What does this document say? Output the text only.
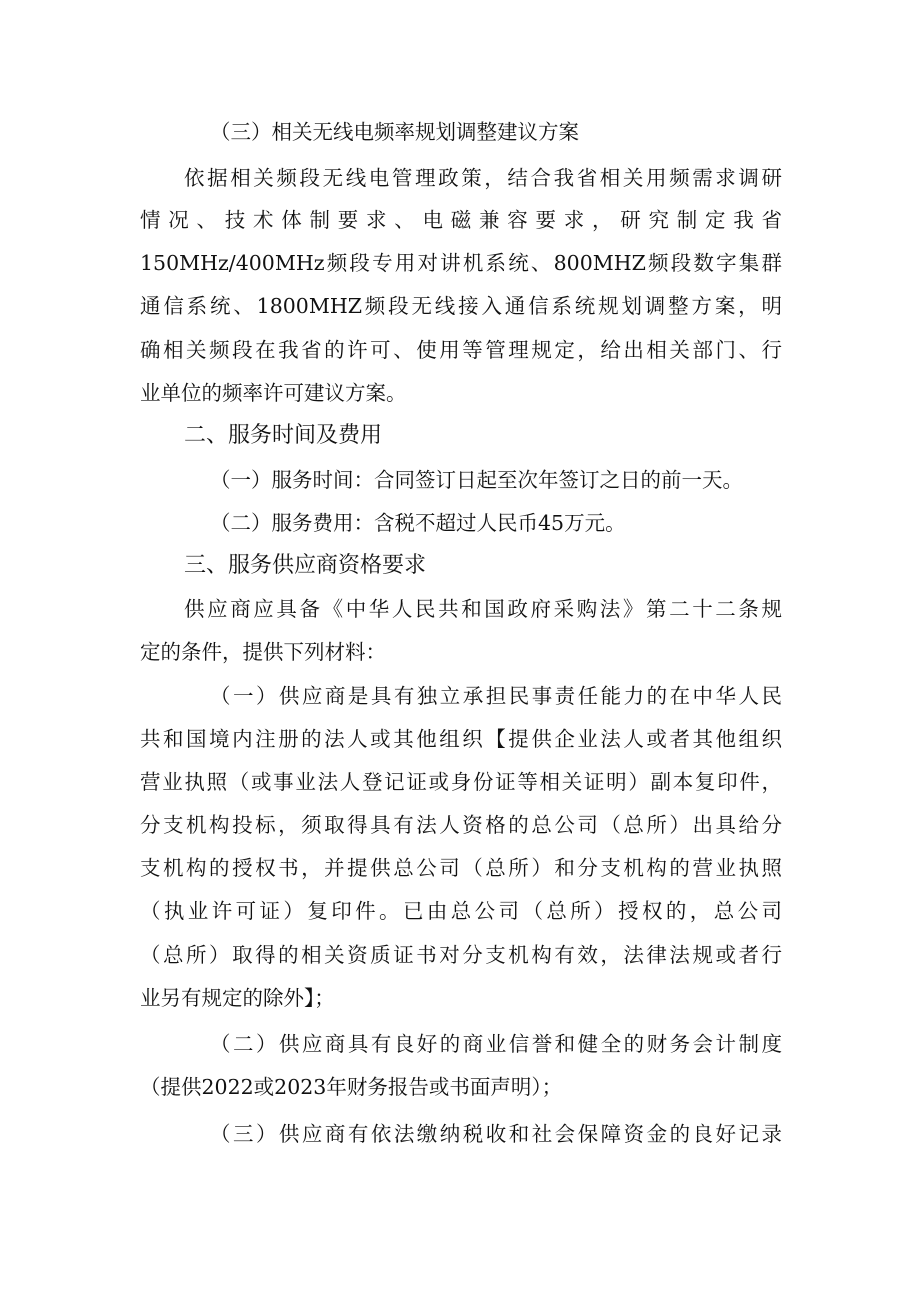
（三）相关无线电频率规划调整建议方案
依据相关频段无线电管理政策，结合我省相关用频需求调研
情况、技术体制要求、电磁兼容要求，研究制定我省
150MHz/400MHz频段专用对讲机系统、800MHZ频段数字集群
通信系统、1800MHZ频段无线接入通信系统规划调整方案，明
确相关频段在我省的许可、使用等管理规定，给出相关部门、行
业单位的频率许可建议方案。
二、服务时间及费用
（一）服务时间：合同签订日起至次年签订之日的前一天。
（二）服务费用：含税不超过人民币45万元。
三、服务供应商资格要求
供应商应具备《中华人民共和国政府采购法》第二十二条规
定的条件，提供下列材料：
（一）供应商是具有独立承担民事责任能力的在中华人民
共和国境内注册的法人或其他组织【提供企业法人或者其他组织
营业执照（或事业法人登记证或身份证等相关证明）副本复印件，
分支机构投标，须取得具有法人资格的总公司（总所）出具给分
支机构的授权书，并提供总公司（总所）和分支机构的营业执照
（执业许可证）复印件。已由总公司（总所）授权的，总公司
（总所）取得的相关资质证书对分支机构有效，法律法规或者行
业另有规定的除外】；
（二）供应商具有良好的商业信誉和健全的财务会计制度
（提供2022或2023年财务报告或书面声明）；
（三）供应商有依法缴纳税收和社会保障资金的良好记录
